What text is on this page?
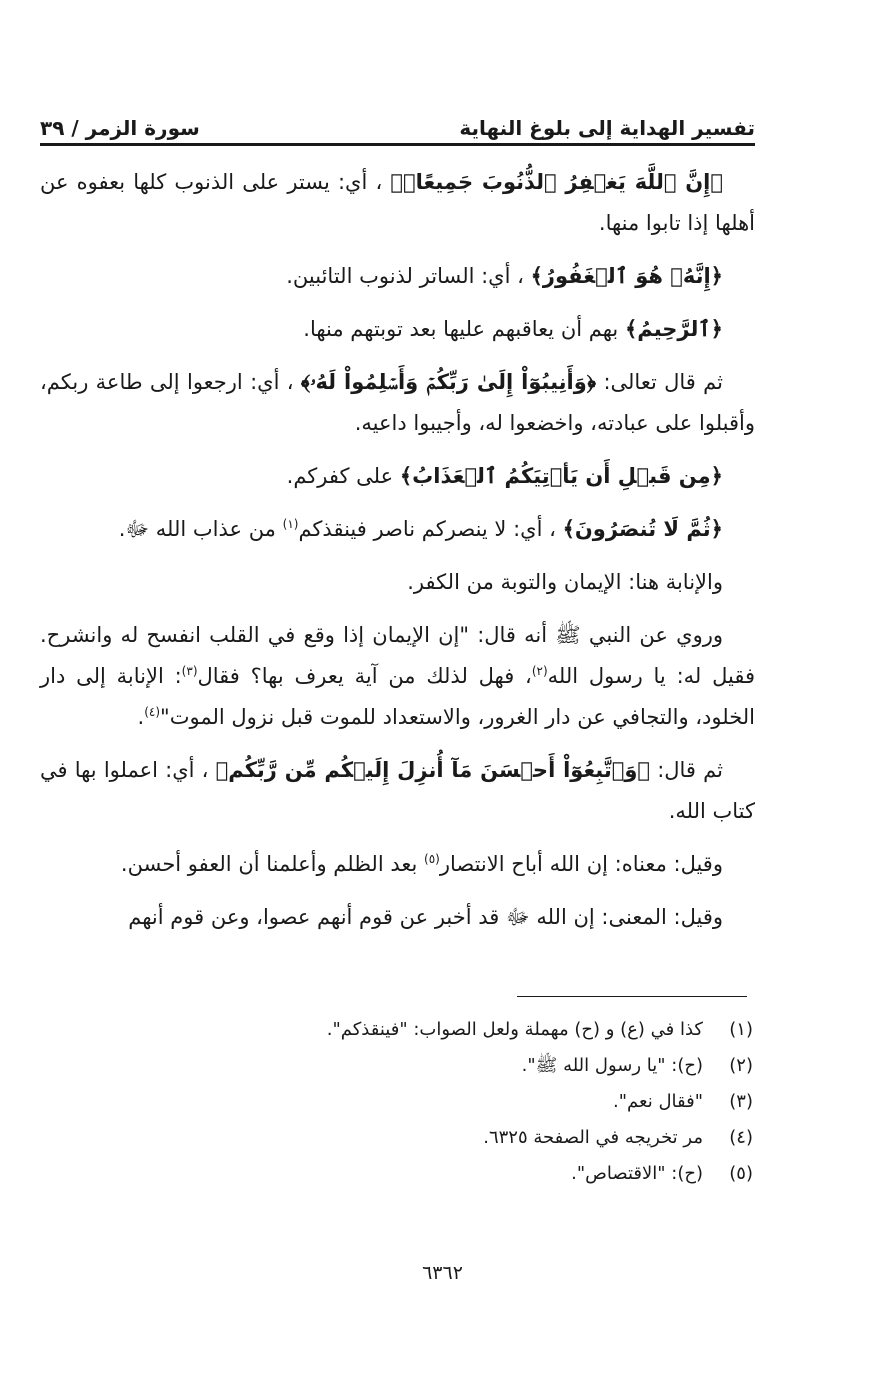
تفسير الهداية إلى بلوغ النهاية
سورة الزمر / ٣٩

﴿إِنَّ ٱللَّهَ يَغۡفِرُ ٱلذُّنُوبَ جَمِيعًاۚ﴾ ، أي: يستر على الذنوب كلها بعفوه عن أهلها إذا تابوا منها.

﴿إِنَّهُۥ هُوَ ٱلۡغَفُورُ﴾ ، أي: الساتر لذنوب التائبين.

﴿ٱلرَّحِيمُ﴾ بهم أن يعاقبهم عليها بعد توبتهم منها.

ثم قال تعالى: ﴿وَأَنِيبُوٓاْ إِلَىٰ رَبِّكُمۡ وَأَسۡلِمُواْ لَهُۥ﴾ ، أي: ارجعوا إلى طاعة ربكم، وأقبلوا على عبادته، واخضعوا له، وأجيبوا داعيه.

﴿مِن قَبۡلِ أَن يَأۡتِيَكُمُ ٱلۡعَذَابُ﴾ على كفركم.

﴿ثُمَّ لَا تُنصَرُونَ﴾ ، أي: لا ينصركم ناصر فينقذكم$^{(١)}$ من عذاب الله ﷻ.

والإنابة هنا: الإيمان والتوبة من الكفر.

وروي عن النبي ﷺ أنه قال: "إن الإيمان إذا وقع في القلب انفسح له وانشرح. فقيل له: يا رسول الله$^{(٢)}$، فهل لذلك من آية يعرف بها؟ فقال$^{(٣)}$: الإنابة إلى دار الخلود، والتجافي عن دار الغرور، والاستعداد للموت قبل نزول الموت"$^{(٤)}$.

ثم قال: ﴿وَٱتَّبِعُوٓاْ أَحۡسَنَ مَآ أُنزِلَ إِلَيۡكُم مِّن رَّبِّكُم﴾ ، أي: اعملوا بها في كتاب الله.

وقيل: معناه: إن الله أباح الانتصار$^{(٥)}$ بعد الظلم وأعلمنا أن العفو أحسن.

وقيل: المعنى: إن الله ﷻ قد أخبر عن قوم أنهم عصوا، وعن قوم أنهم

(١)
كذا في (ع) و (ح) مهملة ولعل الصواب: "فينقذكم".
(٢)
(ح): "يا رسول الله ﷺ".
(٣)
"فقال نعم".
(٤)
مر تخريجه في الصفحة ٦٣٢٥.
(٥)
(ح): "الاقتصاص".
٦٣٦٢
